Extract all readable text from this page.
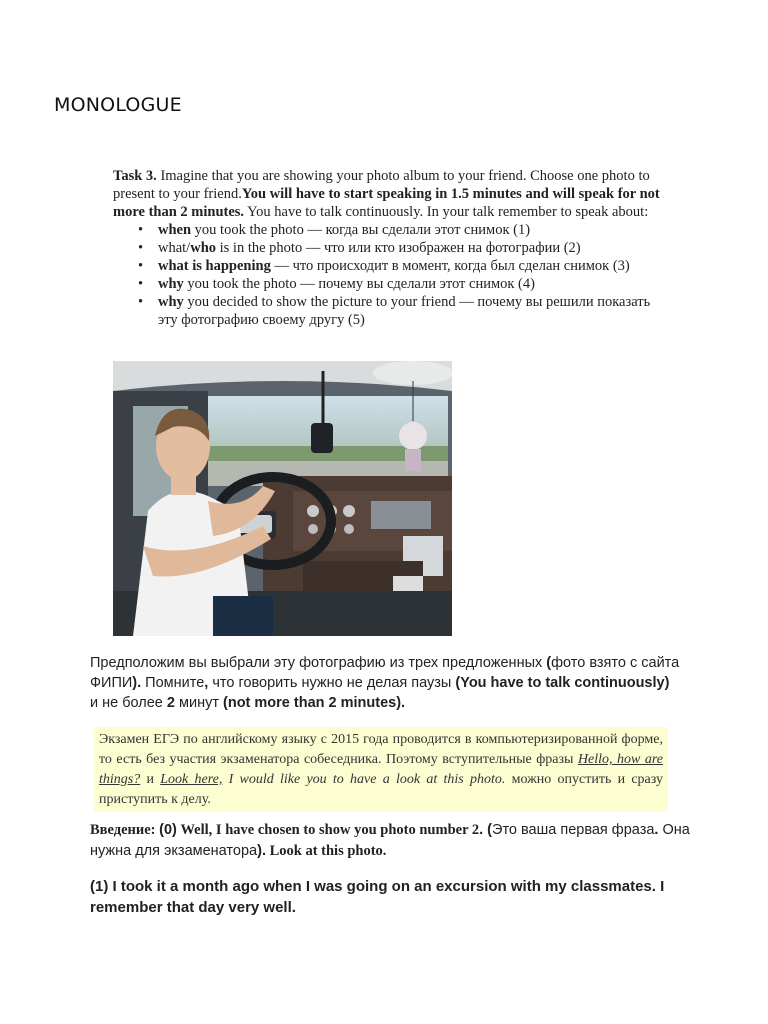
MONOLOGUE
Task 3. Imagine that you are showing your photo album to your friend. Choose one photo to present to your friend.You will have to start speaking in 1.5 minutes and will speak for not more than 2 minutes. You have to talk continuously. In your talk remember to speak about:
• when you took the photo — когда вы сделали этот снимок (1)
• what/who is in the photo — что или кто изображен на фотографии (2)
• what is happening — что происходит в момент, когда был сделан снимок (3)
• why you took the photo — почему вы сделали этот снимок (4)
• why you decided to show the picture to your friend — почему вы решили показать эту фотографию своему другу (5)
Предположим вы выбрали эту фотографию из трех предложенных (фото взято с сайта ФИПИ). Помните, что говорить нужно не делая паузы (You have to talk continuously) и не более 2 минут (not more than 2 minutes).
Экзамен ЕГЭ по английскому языку с 2015 года проводится в компьютеризированной форме, то есть без участия экзаменатора собеседника. Поэтому вступительные фразы Hello, how are things? и Look here, I would like you to have a look at this photo. можно опустить и сразу приступить к делу.
Введение: (0) Well, I have chosen to show you photo number 2. (Это ваша первая фраза. Она нужна для экзаменатора). Look at this photo.
(1) I took it a month ago when I was going on an excursion with my classmates. I remember that day very well.
